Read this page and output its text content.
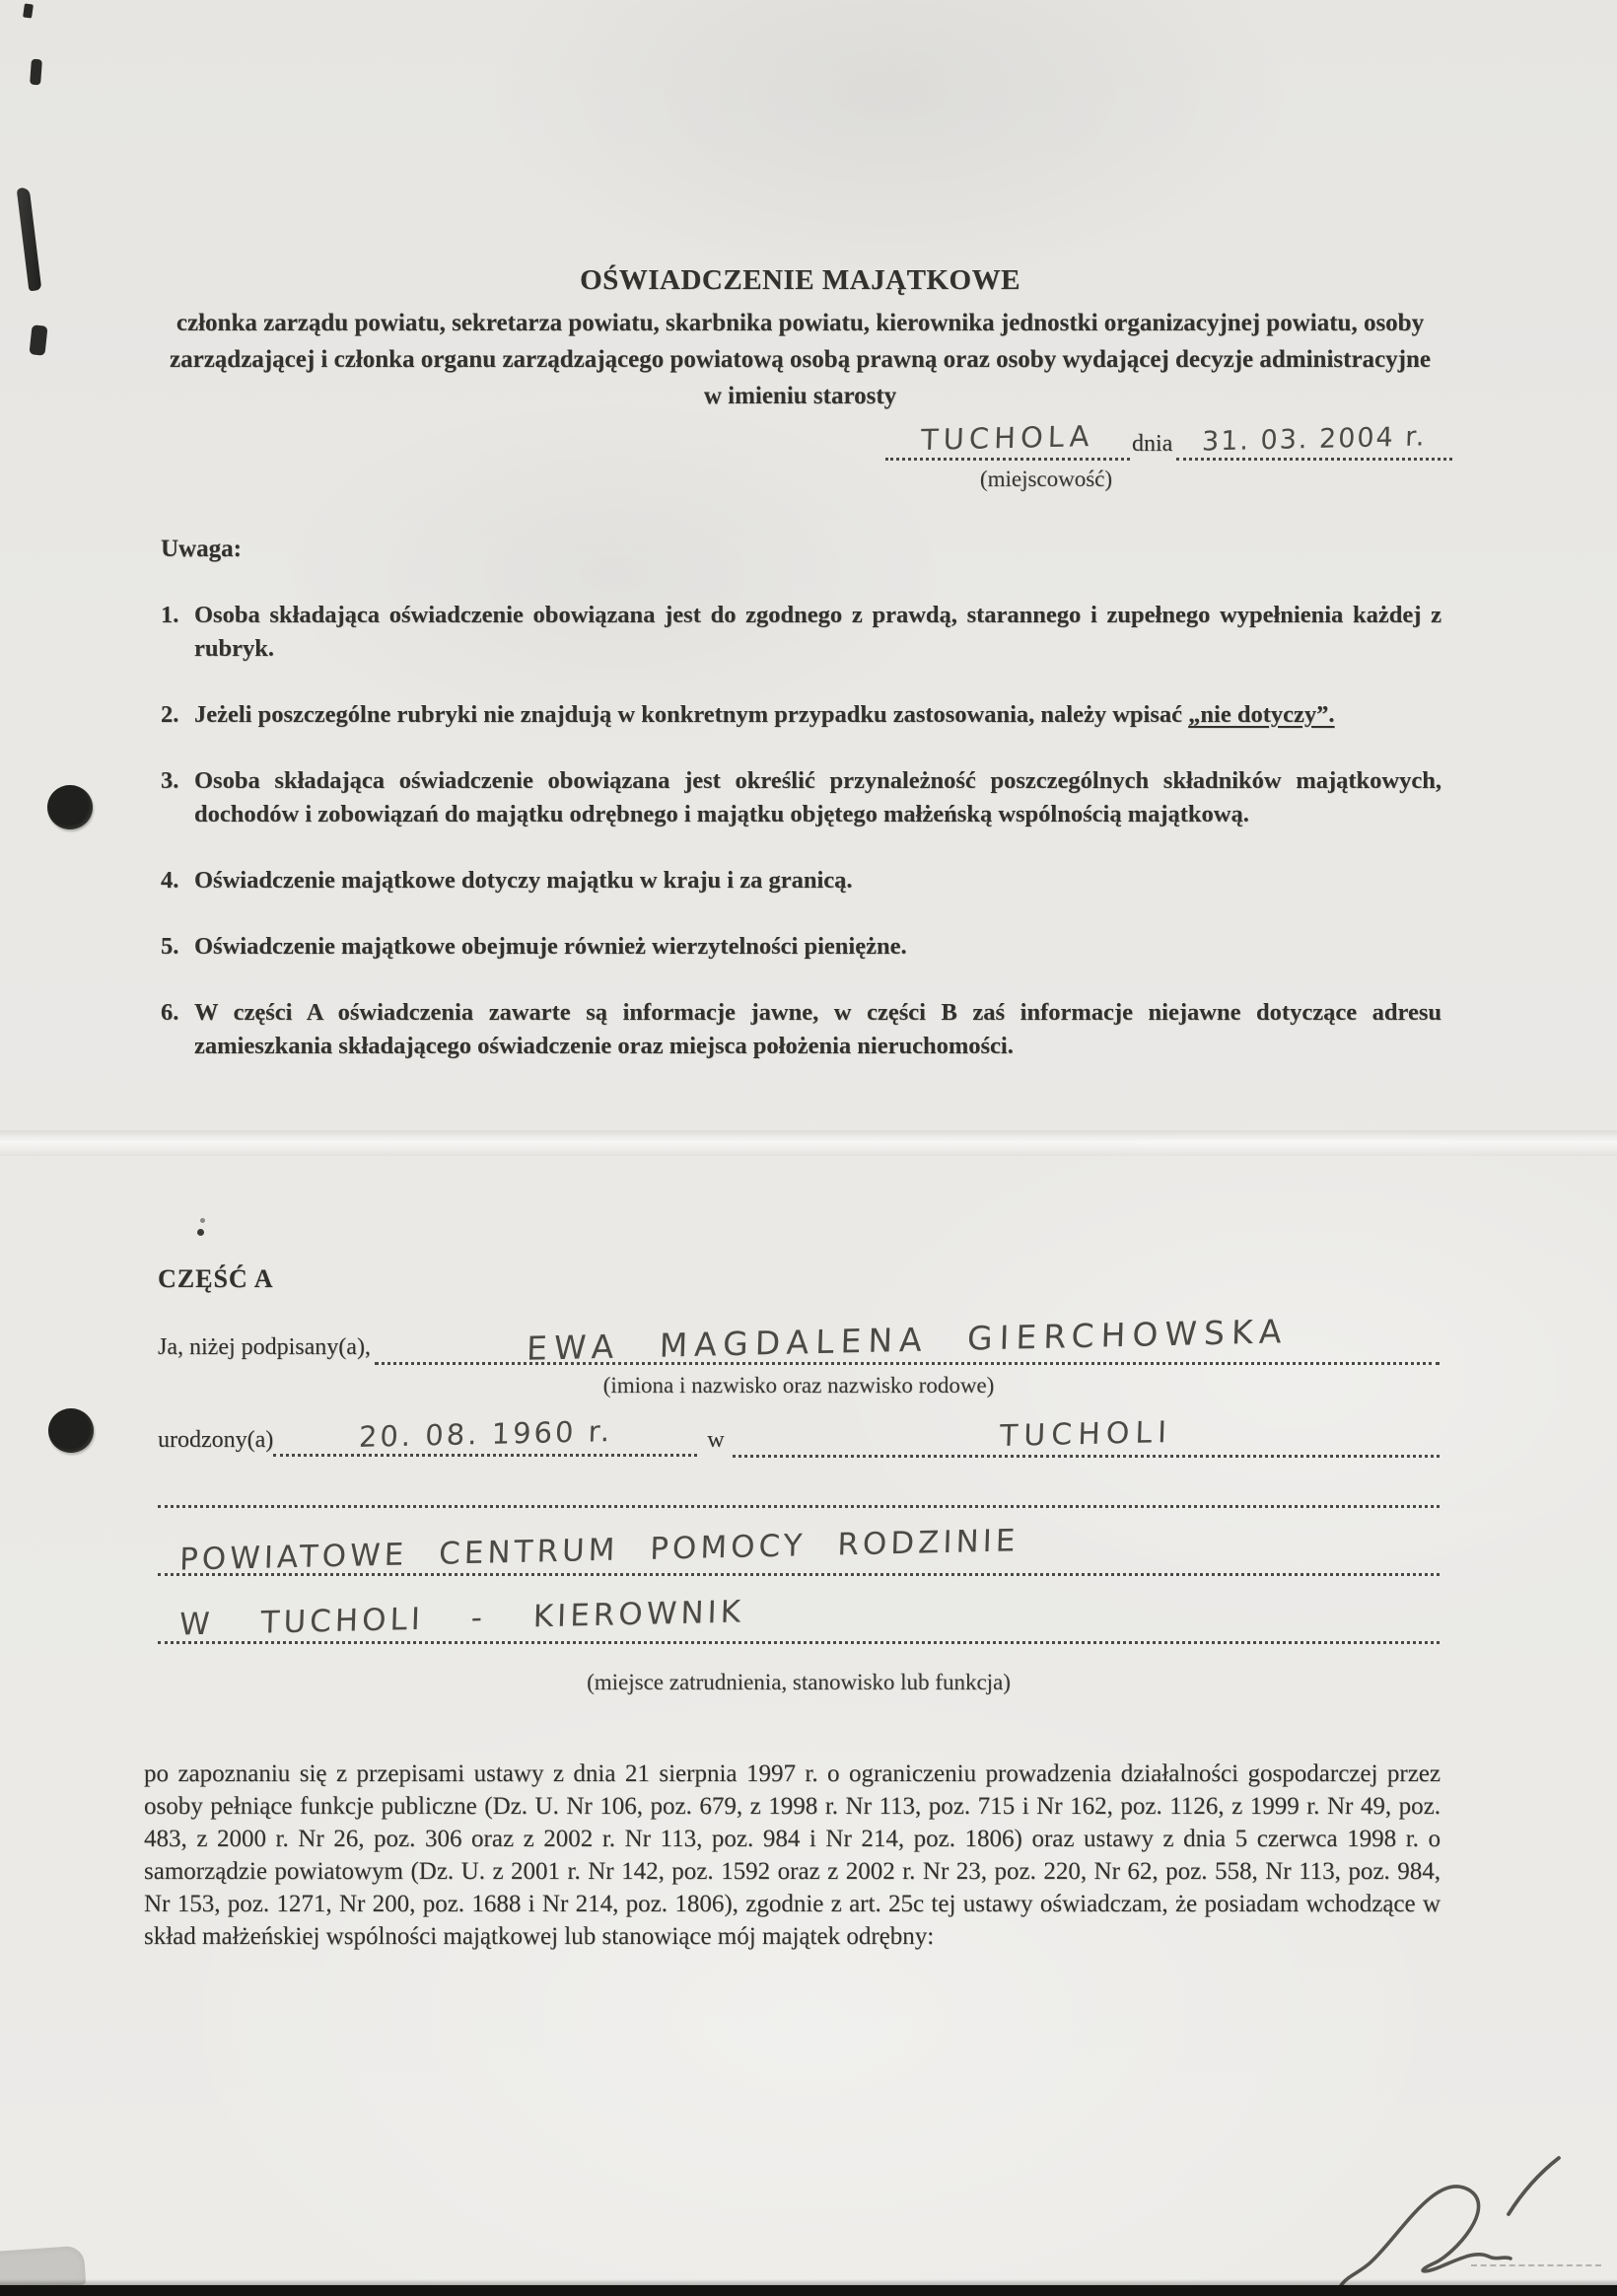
OŚWIADCZENIE MAJĄTKOWE

członka zarządu powiatu, sekretarza powiatu, skarbnika powiatu, kierownika jednostki organizacyjnej powiatu, osoby zarządzającej i członka organu zarządzającego powiatową osobą prawną oraz osoby wydającej decyzje administracyjne w imieniu starosty

TUCHOLA	dnia	31. 03. 2004 r.
(miejscowość)
Uwaga:
1. Osoba składająca oświadczenie obowiązana jest do zgodnego z prawdą, starannego i zupełnego wypełnienia każdej z rubryk.
2. Jeżeli poszczególne rubryki nie znajdują w konkretnym przypadku zastosowania, należy wpisać „nie dotyczy”.
3. Osoba składająca oświadczenie obowiązana jest określić przynależność poszczególnych składników majątkowych, dochodów i zobowiązań do majątku odrębnego i majątku objętego małżeńską wspólnością majątkową.
4. Oświadczenie majątkowe dotyczy majątku w kraju i za granicą.
5. Oświadczenie majątkowe obejmuje również wierzytelności pieniężne.
6. W części A oświadczenia zawarte są informacje jawne, w części B zaś informacje niejawne dotyczące adresu zamieszkania składającego oświadczenie oraz miejsca położenia nieruchomości.
CZĘŚĆ A
Ja, niżej podpisany(a),	EWA MAGDALENA GIERCHOWSKA
(imiona i nazwisko oraz nazwisko rodowe)
urodzony(a)	20. 08. 1960 r.	w	TUCHOLI
POWIATOWE CENTRUM POMOCY RODZINIE
W TUCHOLI - KIEROWNIK
(miejsce zatrudnienia, stanowisko lub funkcja)

po zapoznaniu się z przepisami ustawy z dnia 21 sierpnia 1997 r. o ograniczeniu prowadzenia działalności gospodarczej przez osoby pełniące funkcje publiczne (Dz. U. Nr 106, poz. 679, z 1998 r. Nr 113, poz. 715 i Nr 162, poz. 1126, z 1999 r. Nr 49, poz. 483, z 2000 r. Nr 26, poz. 306 oraz z 2002 r. Nr 113, poz. 984 i Nr 214, poz. 1806) oraz ustawy z dnia 5 czerwca 1998 r. o samorządzie powiatowym (Dz. U. z 2001 r. Nr 142, poz. 1592 oraz z 2002 r. Nr 23, poz. 220, Nr 62, poz. 558, Nr 113, poz. 984, Nr 153, poz. 1271, Nr 200, poz. 1688 i Nr 214, poz. 1806), zgodnie z art. 25c tej ustawy oświadczam, że posiadam wchodzące w skład małżeńskiej wspólności majątkowej lub stanowiące mój majątek odrębny:
